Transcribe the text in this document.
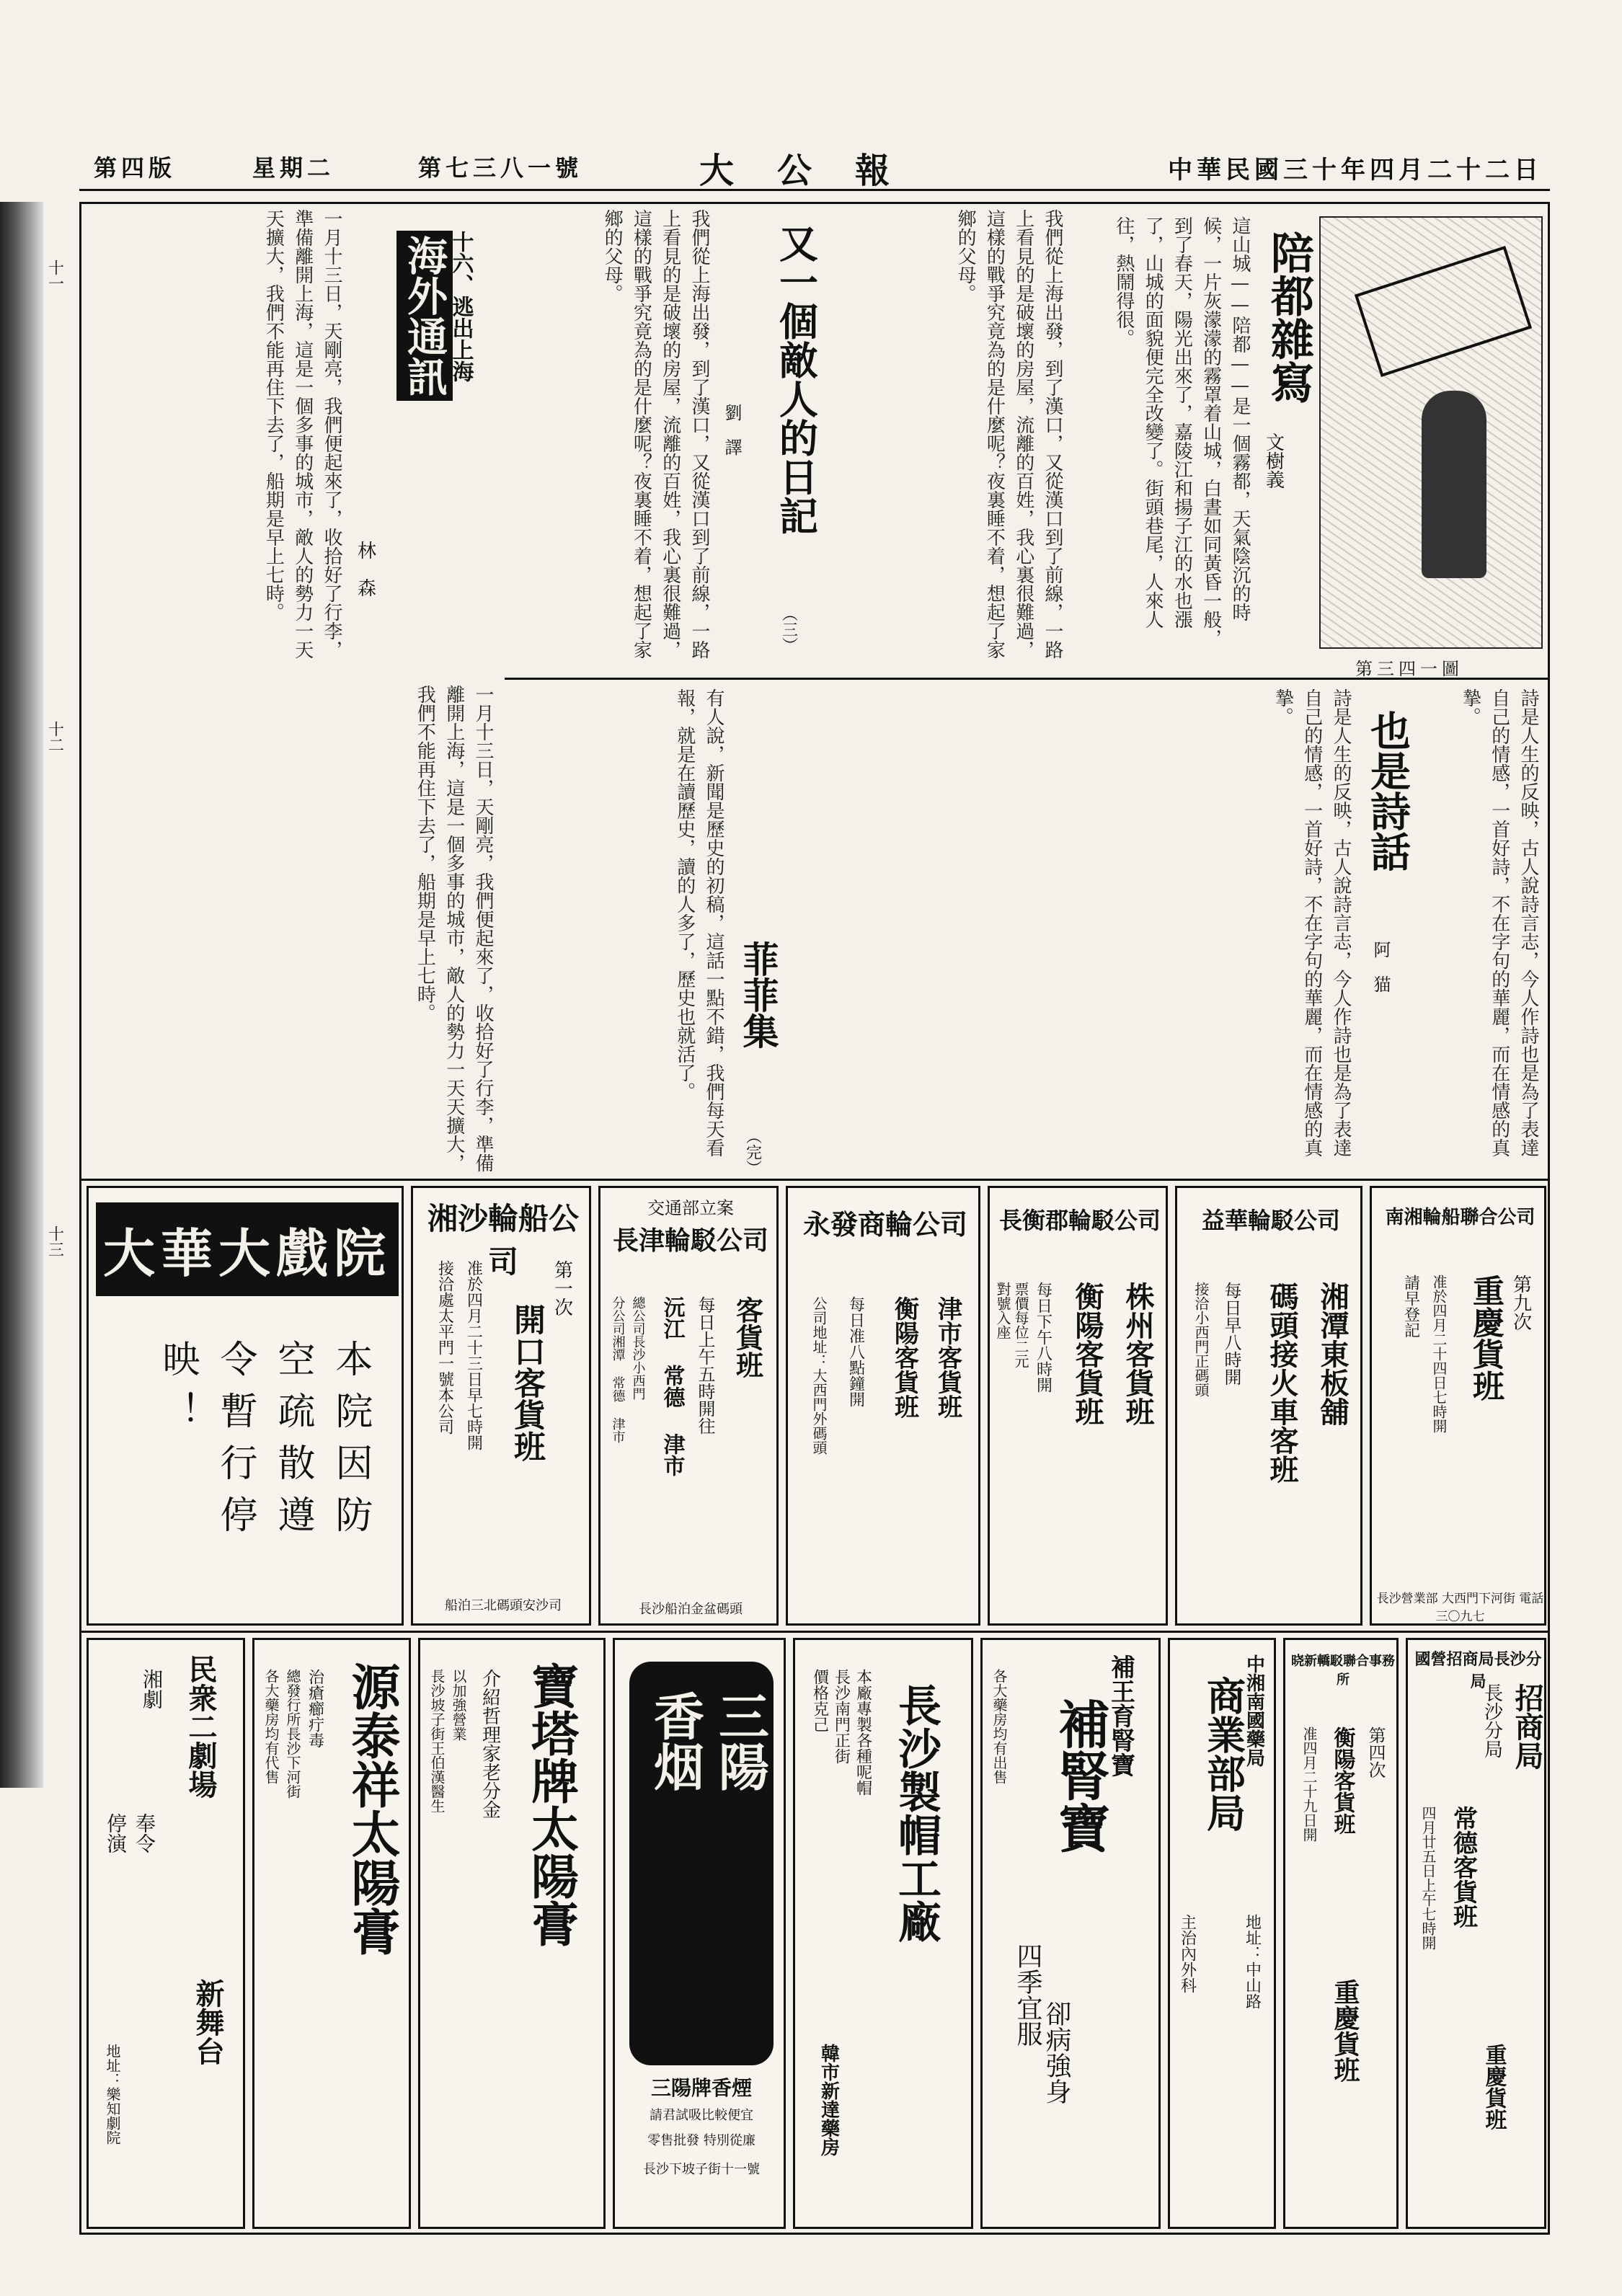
中華民國三十年四月二十二日
大公報
第七三八一號
星期二
第四版
陪都雜寫
文樹義
這山城——陪都——是一個霧都，天氣陰沉的時候，一片灰濛濛的霧罩着山城，白晝如同黃昏一般，到了春天，陽光出來了，嘉陵江和揚子江的水也漲了，山城的面貌便完全改變了。街頭巷尾，人來人往，熱鬧得很。
第三四一圖
又一個敵人的日記
（三）
劉　譯	我們從上海出發，到了漢口，又從漢口到了前線，一路上看見的是破壞的房屋，流離的百姓，我心裏很難過，這樣的戰爭究竟為的是什麼呢？夜裏睡不着，想起了家鄉的父母。
我們從上海出發，到了漢口，又從漢口到了前線，一路上看見的是破壞的房屋，流離的百姓，我心裏很難過，這樣的戰爭究竟為的是什麼呢？夜裏睡不着，想起了家鄉的父母。
海外通訊 十六、逃出上海
林　森
一月十三日，天剛亮，我們便起來了，收拾好了行李，準備離開上海，這是一個多事的城市，敵人的勢力一天天擴大，我們不能再住下去了，船期是早上七時。
也是詩話
阿　猫	詩是人生的反映，古人說詩言志，今人作詩也是為了表達自己的情感，一首好詩，不在字句的華麗，而在情感的真摯。
詩是人生的反映，古人說詩言志，今人作詩也是為了表達自己的情感，一首好詩，不在字句的華麗，而在情感的真摯。
菲菲集
有人說，新聞是歷史的初稿，這話一點不錯，我們每天看報，就是在讀歷史，讀的人多了，歷史也就活了。
（完）
一月十三日，天剛亮，我們便起來了，收拾好了行李，準備離開上海，這是一個多事的城市，敵人的勢力一天天擴大，我們不能再住下去了，船期是早上七時。
大華大戲院
本院因防
空疏散遵
令暫行停
映！
湘沙輪船公司	第一次
開口客貨班
准於四月二十三日早七時開
接洽處太平門一號本公司
船泊三北碼頭安沙司
交通部立案
長津輪駁公司
客貨班
每日上午五時開往
沅江 常德 津市
總公司長沙小西門
分公司湘潭 常德 津市
長沙船泊金盆碼頭
永發商輪公司
津市客貨班
衡陽客貨班
每日准八點鐘開
公司地址：大西門外碼頭
長衡郡輪駁公司
株州客貨班
衡陽客貨班
每日下午八時開
票價每位二元
對號入座
益華輪駁公司
湘潭東板舖
碼頭接火車客班
每日早八時開
接洽小西門正碼頭
南湘輪船聯合公司
第九次
重慶貨班
准於四月二十四日七時開
請早登記
長沙營業部 大西門下河街 電話三〇九七
民衆二劇場
湘劇
奉令
停演
新舞台
地址：樂知劇院
源泰祥太陽膏
治瘡癤疔毒
總發行所長沙下河街
各大藥房均有代售	寶塔牌太陽膏
介紹哲理家老分金
以加強營業
長沙坡子街王伯漢醫生	三陽
香烟
三陽牌香煙
請君試吸比較便宜
零售批發 特別從廉
長沙下坡子街十一號
長沙製帽工廠
本廠專製各種呢帽
長沙南門正街
價格克己
韓市新達藥房
補王育腎寶
補腎寶
四季宜服
卻病強身
各大藥房均有出售	中湘南國藥局
商業部局
主治內外科	地址：中山路
晓新轎駁聯合事務所
第四次
衡陽客貨班
准四月二十九日開
重慶貨班
國營招商局長沙分局
招商局
長沙分局
常德客貨班
四月廿五日上午七時開
重慶貨班
十一
十二
十三
